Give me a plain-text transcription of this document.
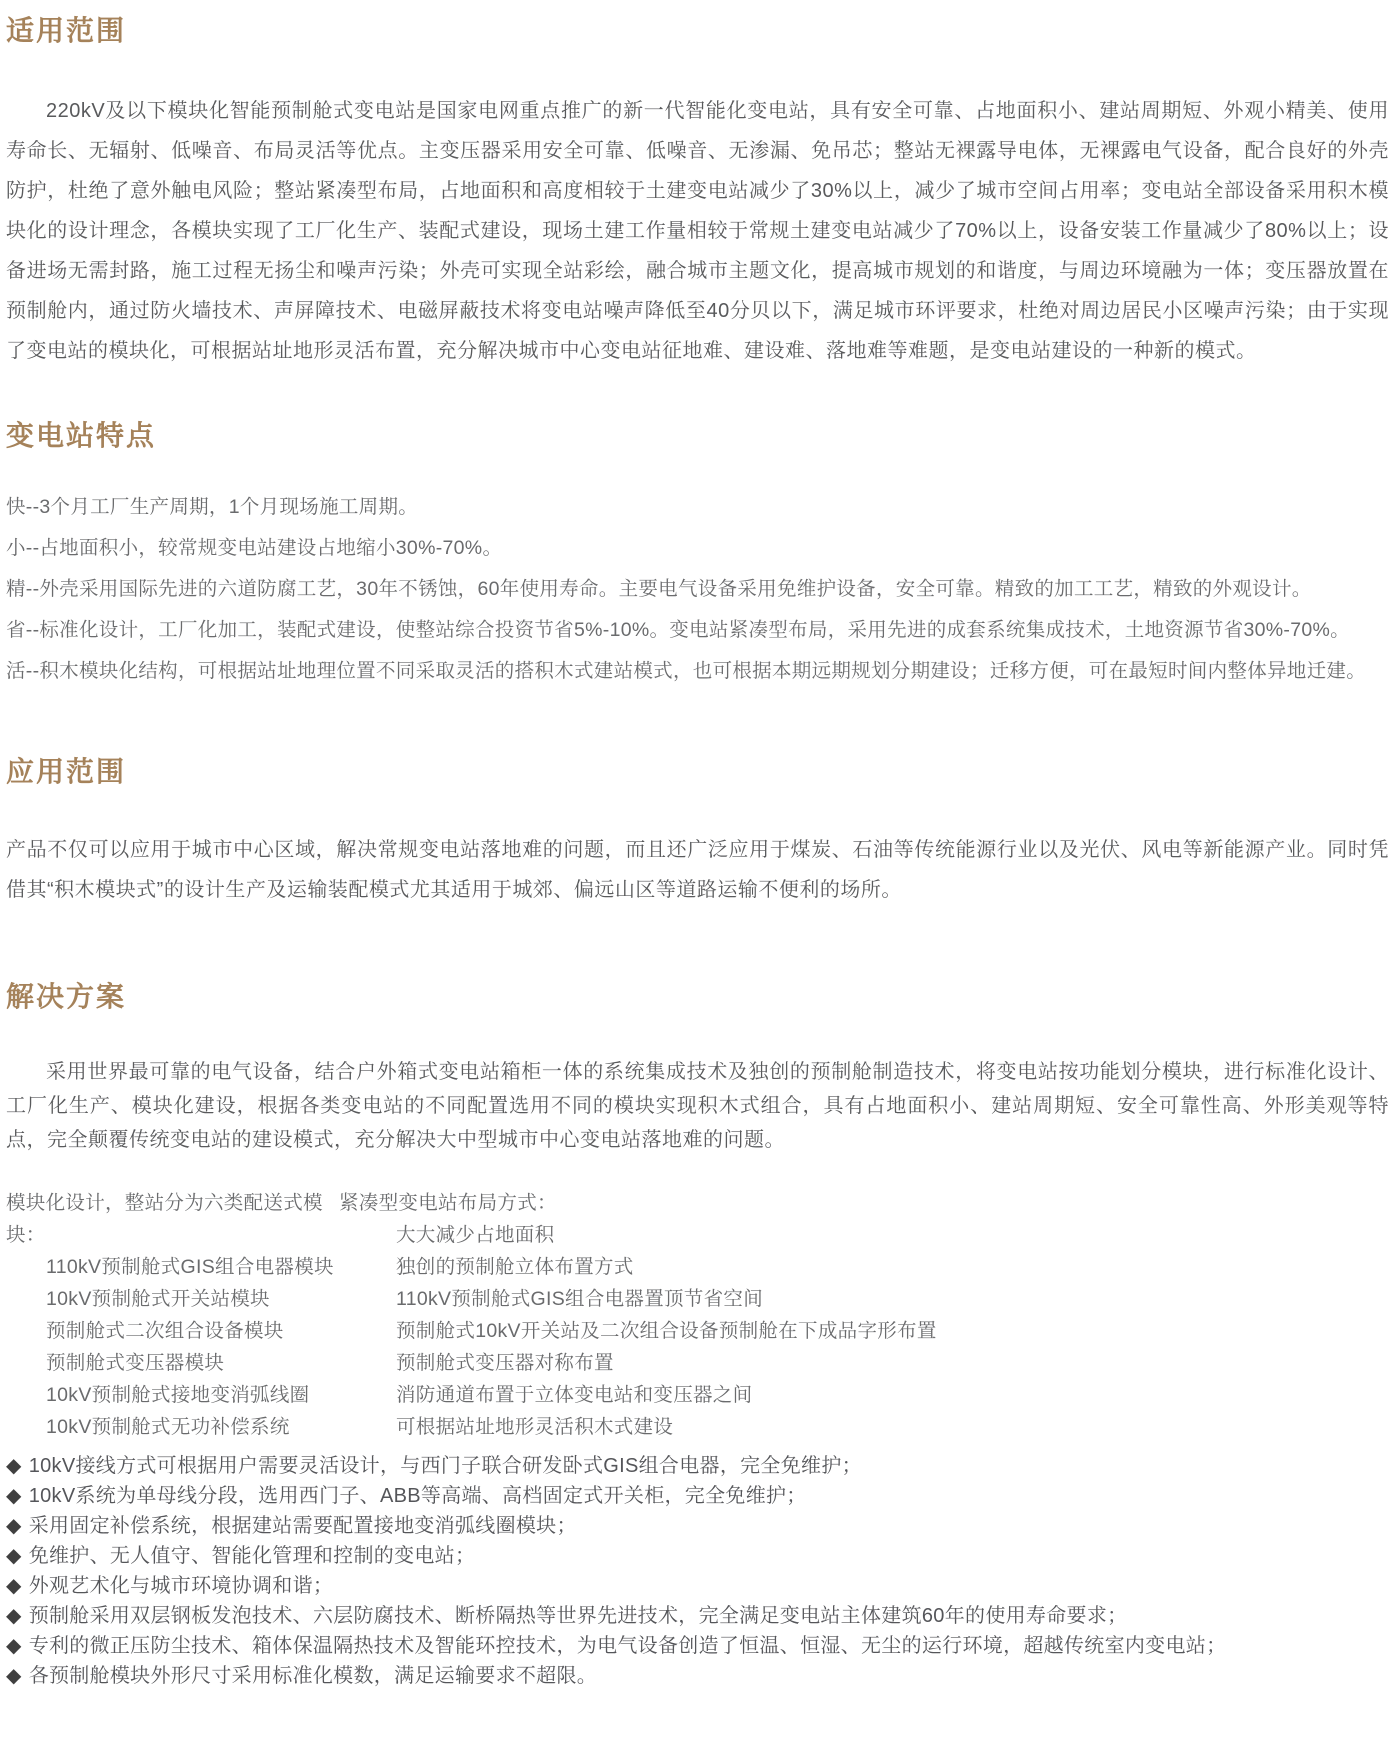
适用范围

220kV及以下模块化智能预制舱式变电站是国家电网重点推广的新一代智能化变电站，具有安全可靠、占地面积小、建站周期短、外观小精美、使用寿命长、无辐射、低噪音、布局灵活等优点。主变压器采用安全可靠、低噪音、无渗漏、免吊芯；整站无裸露导电体，无裸露电气设备，配合良好的外壳防护，杜绝了意外触电风险；整站紧凑型布局，占地面积和高度相较于土建变电站减少了30%以上，减少了城市空间占用率；变电站全部设备采用积木模块化的设计理念，各模块实现了工厂化生产、装配式建设，现场土建工作量相较于常规土建变电站减少了70%以上，设备安装工作量减少了80%以上；设备进场无需封路，施工过程无扬尘和噪声污染；外壳可实现全站彩绘，融合城市主题文化，提高城市规划的和谐度，与周边环境融为一体；变压器放置在预制舱内，通过防火墙技术、声屏障技术、电磁屏蔽技术将变电站噪声降低至40分贝以下，满足城市环评要求，杜绝对周边居民小区噪声污染；由于实现了变电站的模块化，可根据站址地形灵活布置，充分解决城市中心变电站征地难、建设难、落地难等难题，是变电站建设的一种新的模式。

变电站特点
快--3个月工厂生产周期，1个月现场施工周期。
小--占地面积小，较常规变电站建设占地缩小30%-70%。
精--外壳采用国际先进的六道防腐工艺，30年不锈蚀，60年使用寿命。主要电气设备采用免维护设备，安全可靠。精致的加工工艺，精致的外观设计。
省--标准化设计，工厂化加工，装配式建设，使整站综合投资节省5%-10%。变电站紧凑型布局，采用先进的成套系统集成技术，土地资源节省30%-70%。
活--积木模块化结构，可根据站址地理位置不同采取灵活的搭积木式建站模式，也可根据本期远期规划分期建设；迁移方便，可在最短时间内整体异地迁建。
应用范围

产品不仅可以应用于城市中心区域，解决常规变电站落地难的问题，而且还广泛应用于煤炭、石油等传统能源行业以及光伏、风电等新能源产业。同时凭借其“积木模块式”的设计生产及运输装配模式尤其适用于城郊、偏远山区等道路运输不便利的场所。

解决方案

采用世界最可靠的电气设备，结合户外箱式变电站箱柜一体的系统集成技术及独创的预制舱制造技术，将变电站按功能划分模块，进行标准化设计、工厂化生产、模块化建设，根据各类变电站的不同配置选用不同的模块实现积木式组合，具有占地面积小、建站周期短、安全可靠性高、外形美观等特点，完全颠覆传统变电站的建设模式，充分解决大中型城市中心变电站落地难的问题。

模块化设计，整站分为六类配送式模块：
110kV预制舱式GIS组合电器模块
10kV预制舱式开关站模块
预制舱式二次组合设备模块
预制舱式变压器模块
10kV预制舱式接地变消弧线圈
10kV预制舱式无功补偿系统
紧凑型变电站布局方式：
大大减少占地面积
独创的预制舱立体布置方式
110kV预制舱式GIS组合电器置顶节省空间
预制舱式10kV开关站及二次组合设备预制舱在下成品字形布置
预制舱式变压器对称布置
消防通道布置于立体变电站和变压器之间
可根据站址地形灵活积木式建设
◆ 10kV接线方式可根据用户需要灵活设计，与西门子联合研发卧式GIS组合电器，完全免维护；
◆ 10kV系统为单母线分段，选用西门子、ABB等高端、高档固定式开关柜，完全免维护；
◆ 采用固定补偿系统，根据建站需要配置接地变消弧线圈模块；
◆ 免维护、无人值守、智能化管理和控制的变电站；
◆ 外观艺术化与城市环境协调和谐；
◆ 预制舱采用双层钢板发泡技术、六层防腐技术、断桥隔热等世界先进技术，完全满足变电站主体建筑60年的使用寿命要求；
◆ 专利的微正压防尘技术、箱体保温隔热技术及智能环控技术，为电气设备创造了恒温、恒湿、无尘的运行环境，超越传统室内变电站；
◆ 各预制舱模块外形尺寸采用标准化模数，满足运输要求不超限。
